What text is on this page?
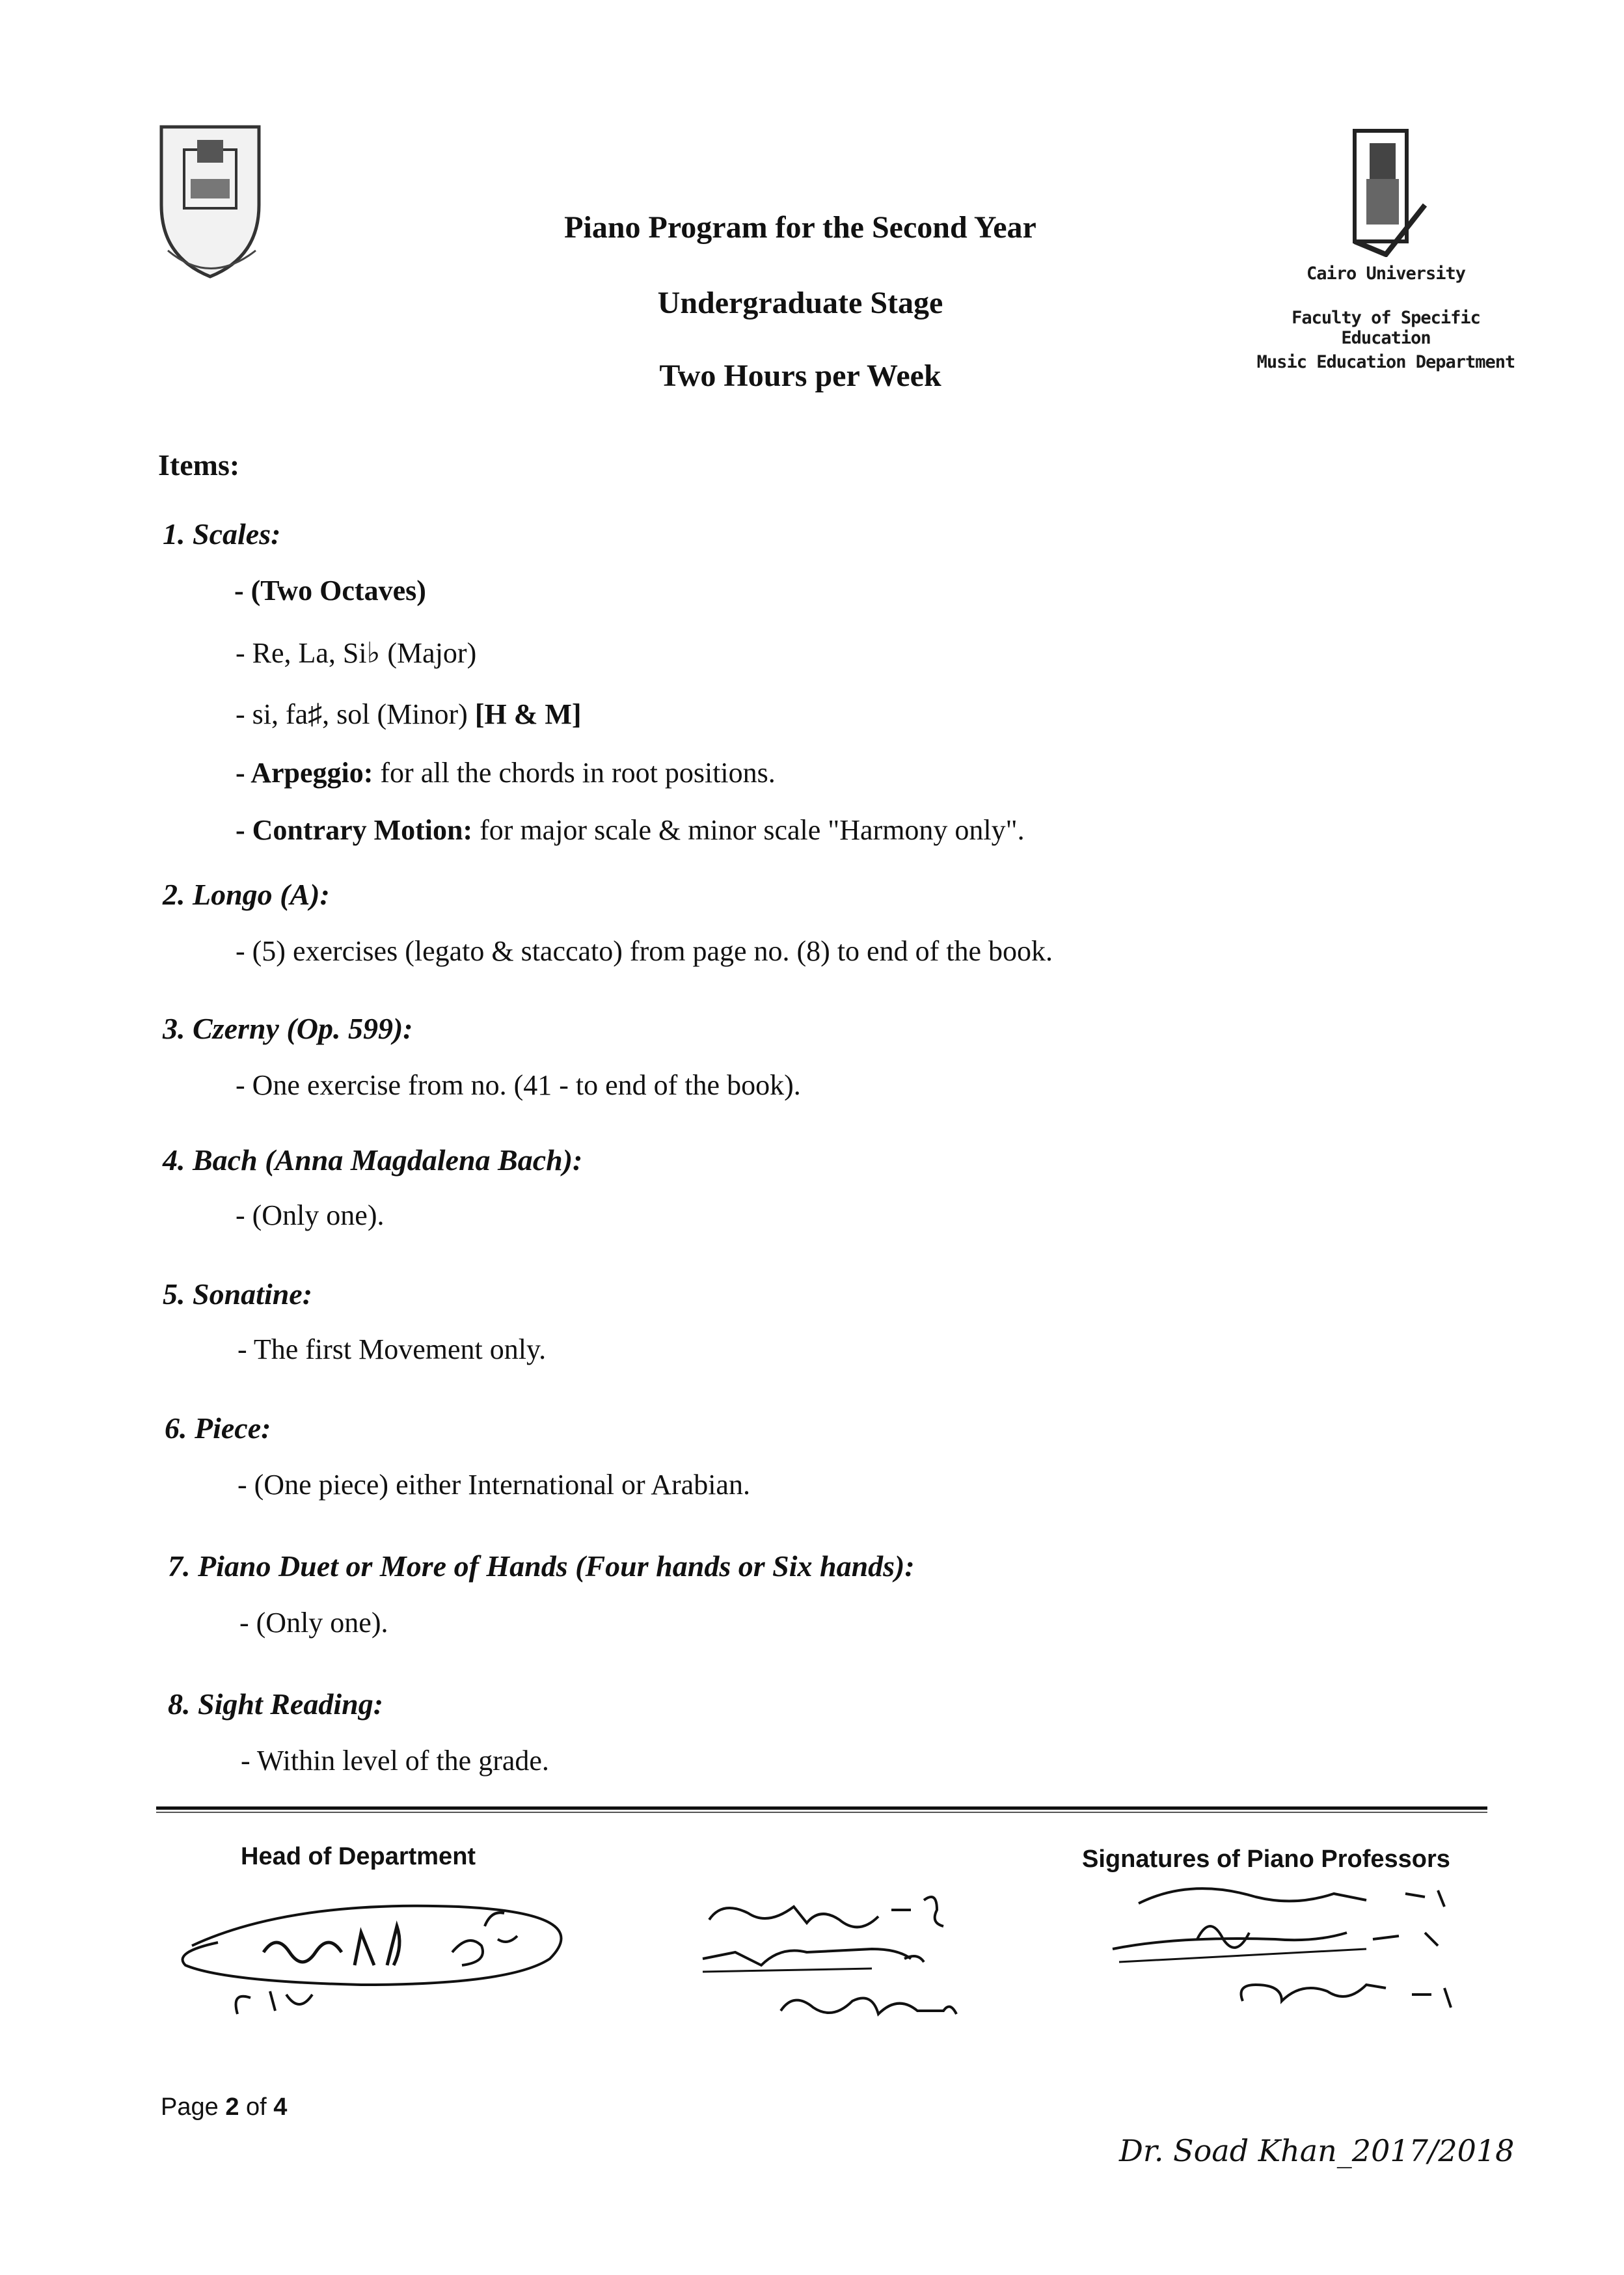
Cairo University
Faculty of Specific Education
Music Education Department
Piano Program for the Second Year
Undergraduate Stage
Two Hours per Week
Items:
1. Scales:
- (Two Octaves)
- Re, La, Si♭ (Major)
- si, fa♯, sol (Minor) [H & M]
- Arpeggio: for all the chords in root positions.
- Contrary Motion: for major scale & minor scale "Harmony only".
2. Longo (A):
- (5) exercises (legato & staccato) from page no. (8) to end of the book.
3. Czerny (Op. 599):
- One exercise from no. (41 - to end of the book).
4. Bach (Anna Magdalena Bach):
- (Only one).
5. Sonatine:
- The first Movement only.
6. Piece:
- (One piece) either International or Arabian.
7. Piano Duet or More of Hands (Four hands or Six hands):
- (Only one).
8. Sight Reading:
- Within level of the grade.
Head of Department	Signatures of Piano Professors
Page 2 of 4
Dr. Soad Khan_2017/2018
